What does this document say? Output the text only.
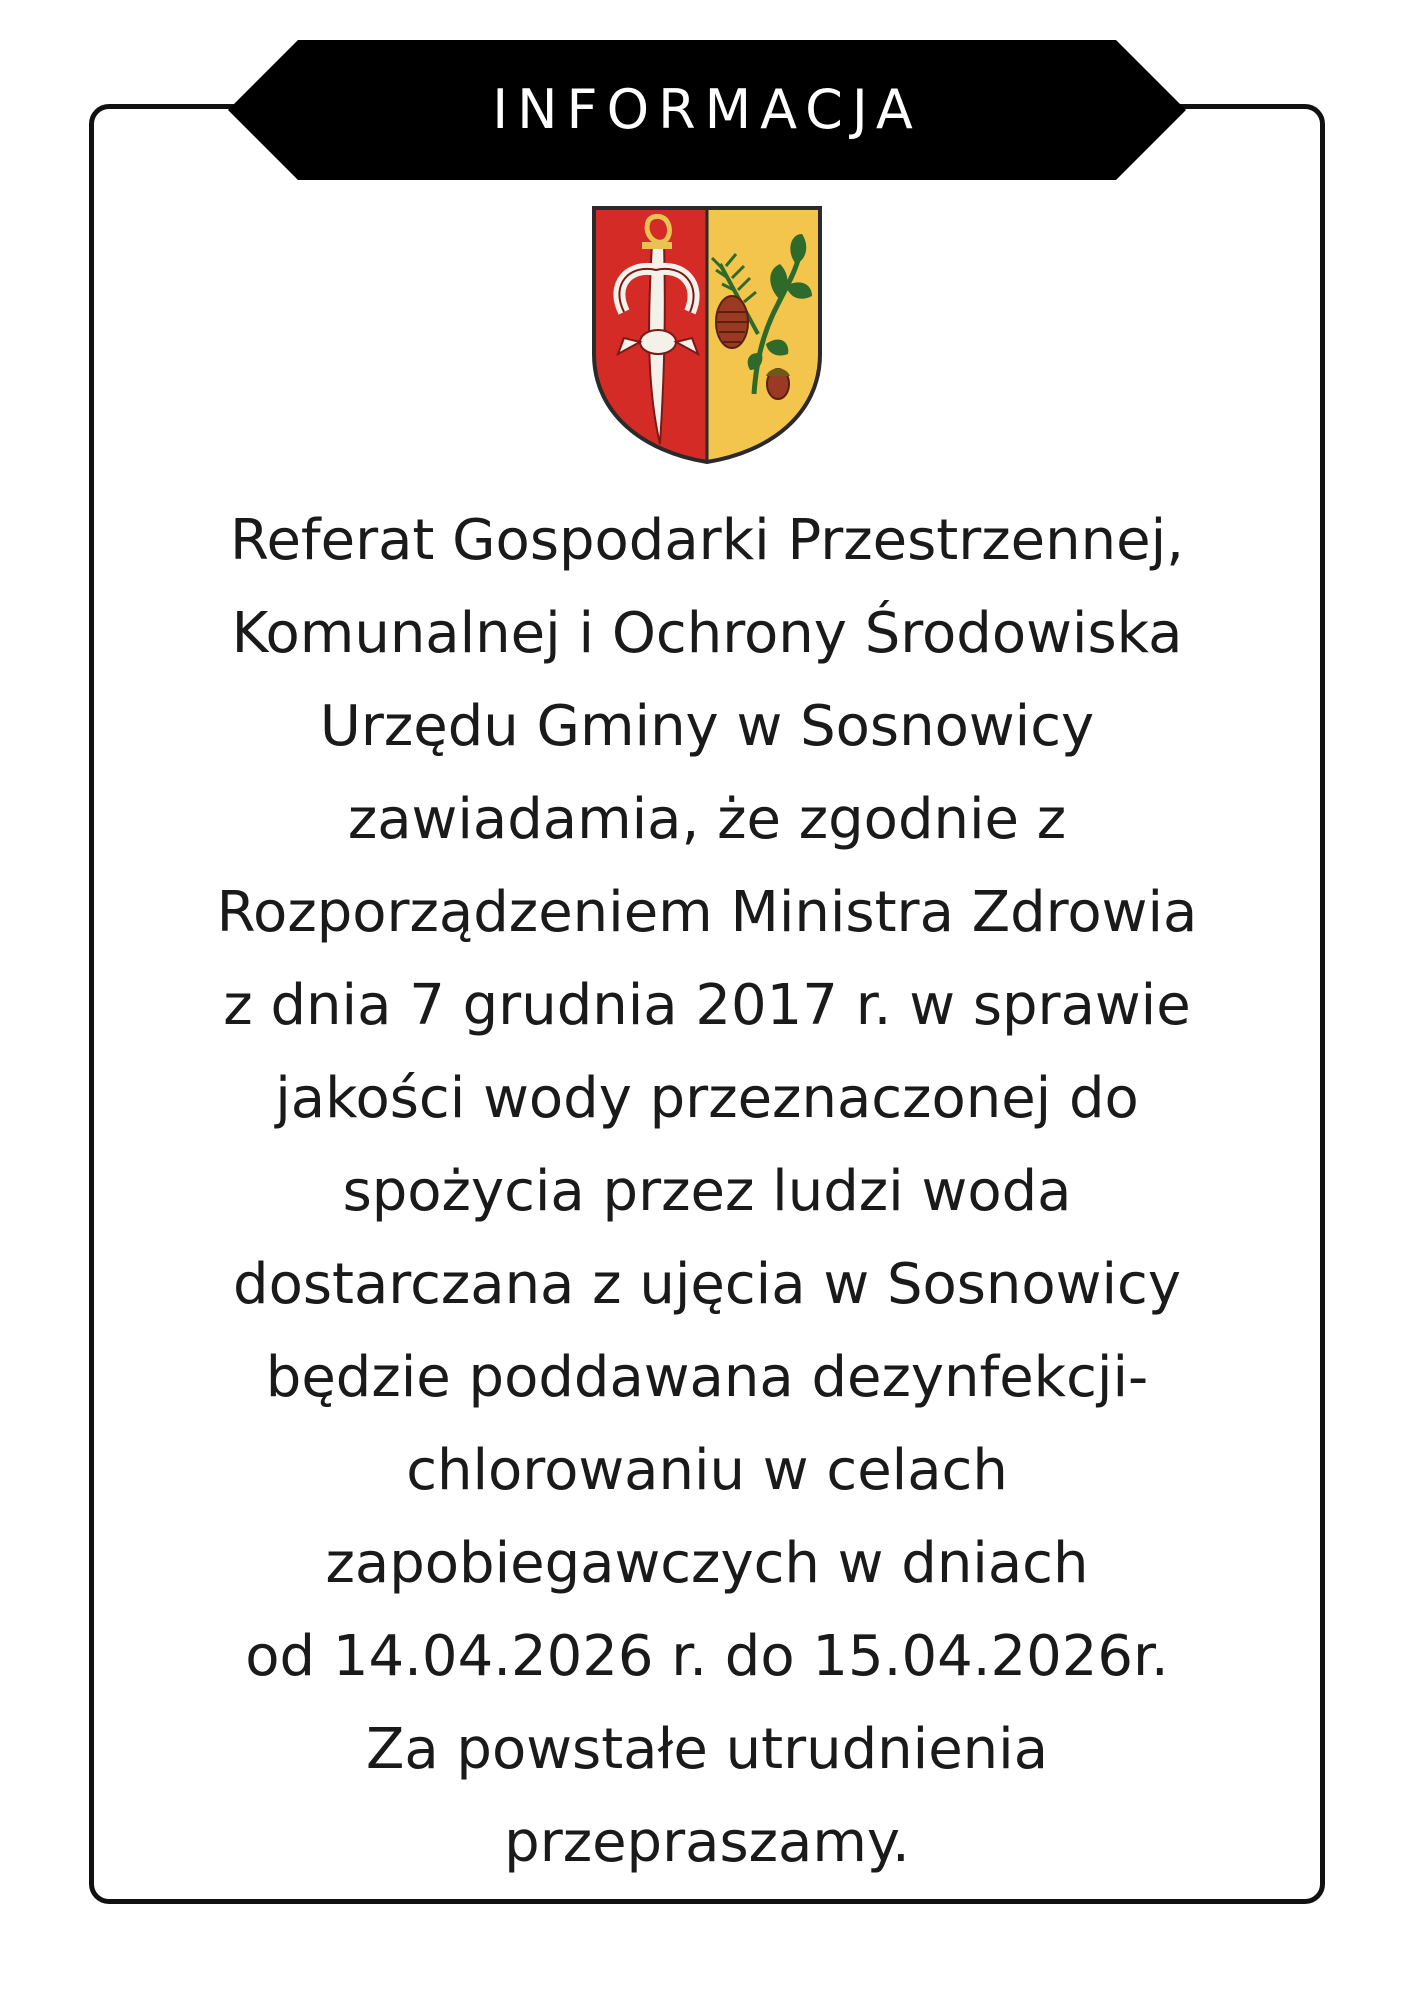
INFORMACJA
Referat Gospodarki Przestrzennej,
Komunalnej i Ochrony Środowiska
Urzędu Gminy w Sosnowicy
zawiadamia, że zgodnie z
Rozporządzeniem Ministra Zdrowia
z dnia 7 grudnia 2017 r. w sprawie
jakości wody przeznaczonej do
spożycia przez ludzi woda
dostarczana z ujęcia w Sosnowicy
będzie poddawana dezynfekcji-
chlorowaniu w celach
zapobiegawczych w dniach
od 14.04.2026 r. do 15.04.2026r.
Za powstałe utrudnienia
przepraszamy.
